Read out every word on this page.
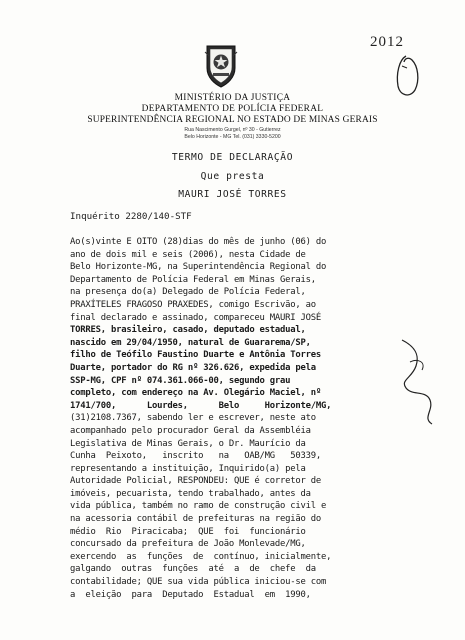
2012
MINISTÉRIO DA JUSTIÇA
DEPARTAMENTO DE POLÍCIA FEDERAL
SUPERINTENDÊNCIA REGIONAL NO ESTADO DE MINAS GERAIS
Rua Nascimento Gurgel, nº 30 - Gutierrez
Belo Horizonte - MG Tel. (031) 3330-5200
TERMO DE DECLARAÇÃO
Que presta
MAURI JOSÉ TORRES
Inquérito 2280/140-STF
Ao(s)vinte E OITO (28)dias do mês de junho (06) do
ano de dois mil e seis (2006), nesta Cidade de
Belo Horizonte-MG, na Superintendência Regional do
Departamento de Polícia Federal em Minas Gerais,
na presença do(a) Delegado de Polícia Federal,
PRAXÍTELES FRAGOSO PRAXEDES, comigo Escrivão, ao
final declarado e assinado, compareceu MAURI JOSÉ
TORRES, brasileiro, casado, deputado estadual,
nascido em 29/04/1950, natural de Guararema/SP,
filho de Teófilo Faustino Duarte e Antônia Torres
Duarte, portador do RG nº 326.626, expedida pela
SSP-MG, CPF nº 074.361.066-00, segundo grau
completo, com endereço na Av. Olegário Maciel, nº
1741/700,      Lourdes,      Belo     Horizonte/MG,
(31)2108.7367, sabendo ler e escrever, neste ato
acompanhado pelo procurador Geral da Assembléia
Legislativa de Minas Gerais, o Dr. Maurício da
Cunha  Peixoto,   inscrito   na   OAB/MG   50339,
representando a instituição, Inquirido(a) pela
Autoridade Policial, RESPONDEU: QUE é corretor de
imóveis, pecuarista, tendo trabalhado, antes da
vida pública, também no ramo de construção civil e
na acessoria contábil de prefeituras na região do
médio  Rio  Piracicaba;  QUE  foi  funcionário
concursado da prefeitura de João Monlevade/MG,
exercendo  as  funções  de  contínuo, inicialmente,
galgando  outras  funções  até  a  de  chefe  da
contabilidade; QUE sua vida pública iniciou-se com
a  eleição  para  Deputado  Estadual  em  1990,
